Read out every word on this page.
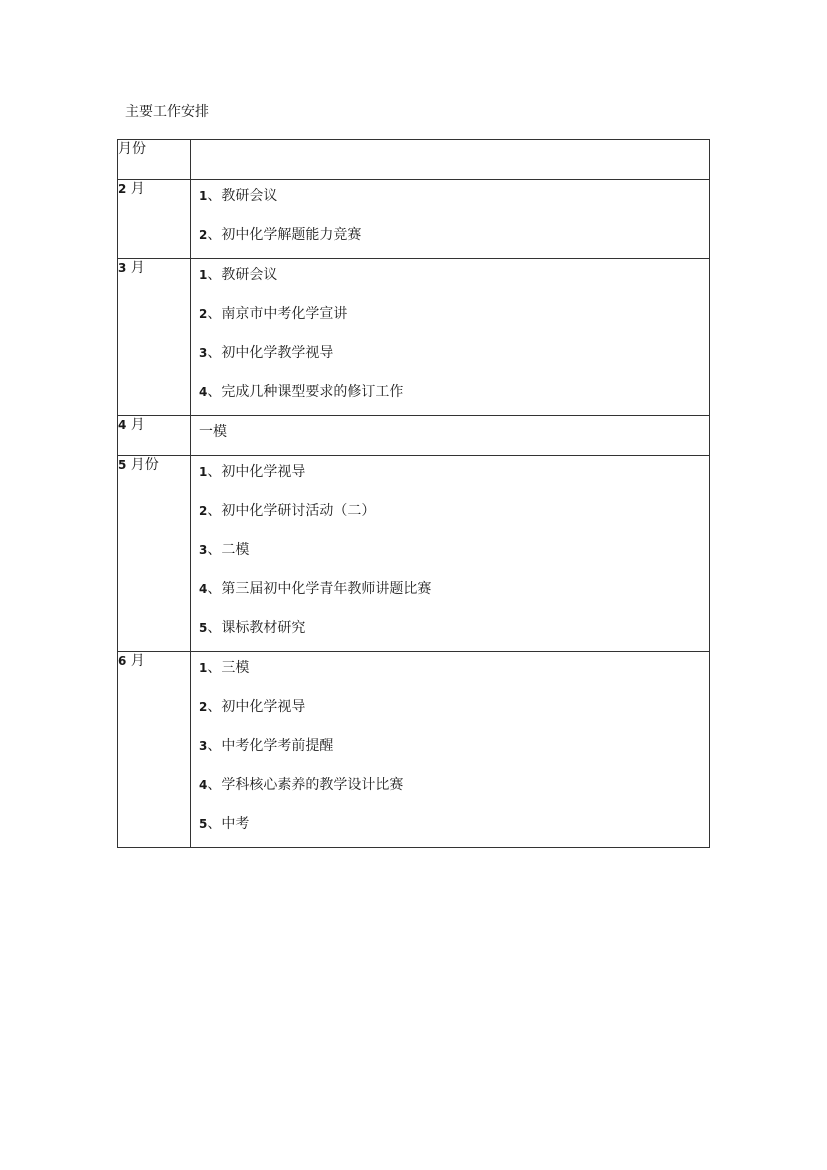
主要工作安排
月份	
2 月	1、教研会议
2、初中化学解题能力竞赛

3 月	1、教研会议
2、南京市中考化学宣讲
3、初中化学教学视导
4、完成几种课型要求的修订工作

4 月	一模

5 月份	1、初中化学视导
2、初中化学研讨活动（二）
3、二模
4、第三届初中化学青年教师讲题比赛
5、课标教材研究

6 月	1、三模
2、初中化学视导
3、中考化学考前提醒
4、学科核心素养的教学设计比赛
5、中考
